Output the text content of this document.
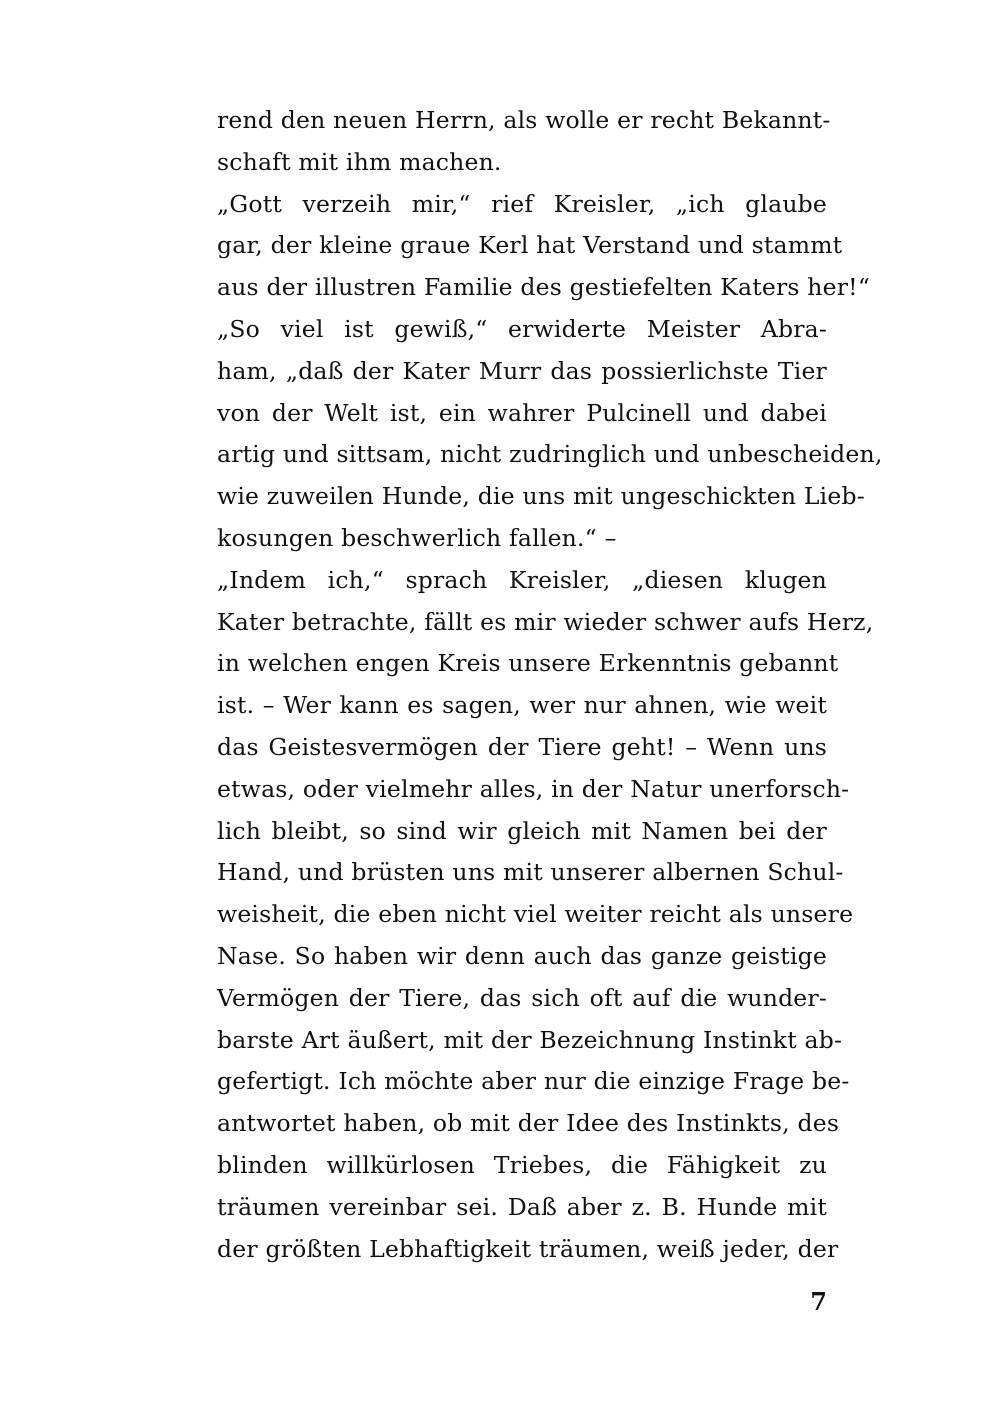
rend den neuen Herrn, als wolle er recht Bekannt-
schaft mit ihm machen.
„Gott verzeih mir,“ rief Kreisler, „ich glaube
gar, der kleine graue Kerl hat Verstand und stammt
aus der illustren Familie des gestiefelten Katers her!“
„So viel ist gewiß,“ erwiderte Meister Abra-
ham, „daß der Kater Murr das possierlichste Tier
von der Welt ist, ein wahrer Pulcinell und dabei
artig und sittsam, nicht zudringlich und unbescheiden,
wie zuweilen Hunde, die uns mit ungeschickten Lieb-
kosungen beschwerlich fallen.“ –
„Indem ich,“ sprach Kreisler, „diesen klugen
Kater betrachte, fällt es mir wieder schwer aufs Herz,
in welchen engen Kreis unsere Erkenntnis gebannt
ist. – Wer kann es sagen, wer nur ahnen, wie weit
das Geistesvermögen der Tiere geht! – Wenn uns
etwas, oder vielmehr alles, in der Natur unerforsch-
lich bleibt, so sind wir gleich mit Namen bei der
Hand, und brüsten uns mit unserer albernen Schul-
weisheit, die eben nicht viel weiter reicht als unsere
Nase. So haben wir denn auch das ganze geistige
Vermögen der Tiere, das sich oft auf die wunder-
barste Art äußert, mit der Bezeichnung Instinkt ab-
gefertigt. Ich möchte aber nur die einzige Frage be-
antwortet haben, ob mit der Idee des Instinkts, des
blinden willkürlosen Triebes, die Fähigkeit zu
träumen vereinbar sei. Daß aber z. B. Hunde mit
der größten Lebhaftigkeit träumen, weiß jeder, der
7
